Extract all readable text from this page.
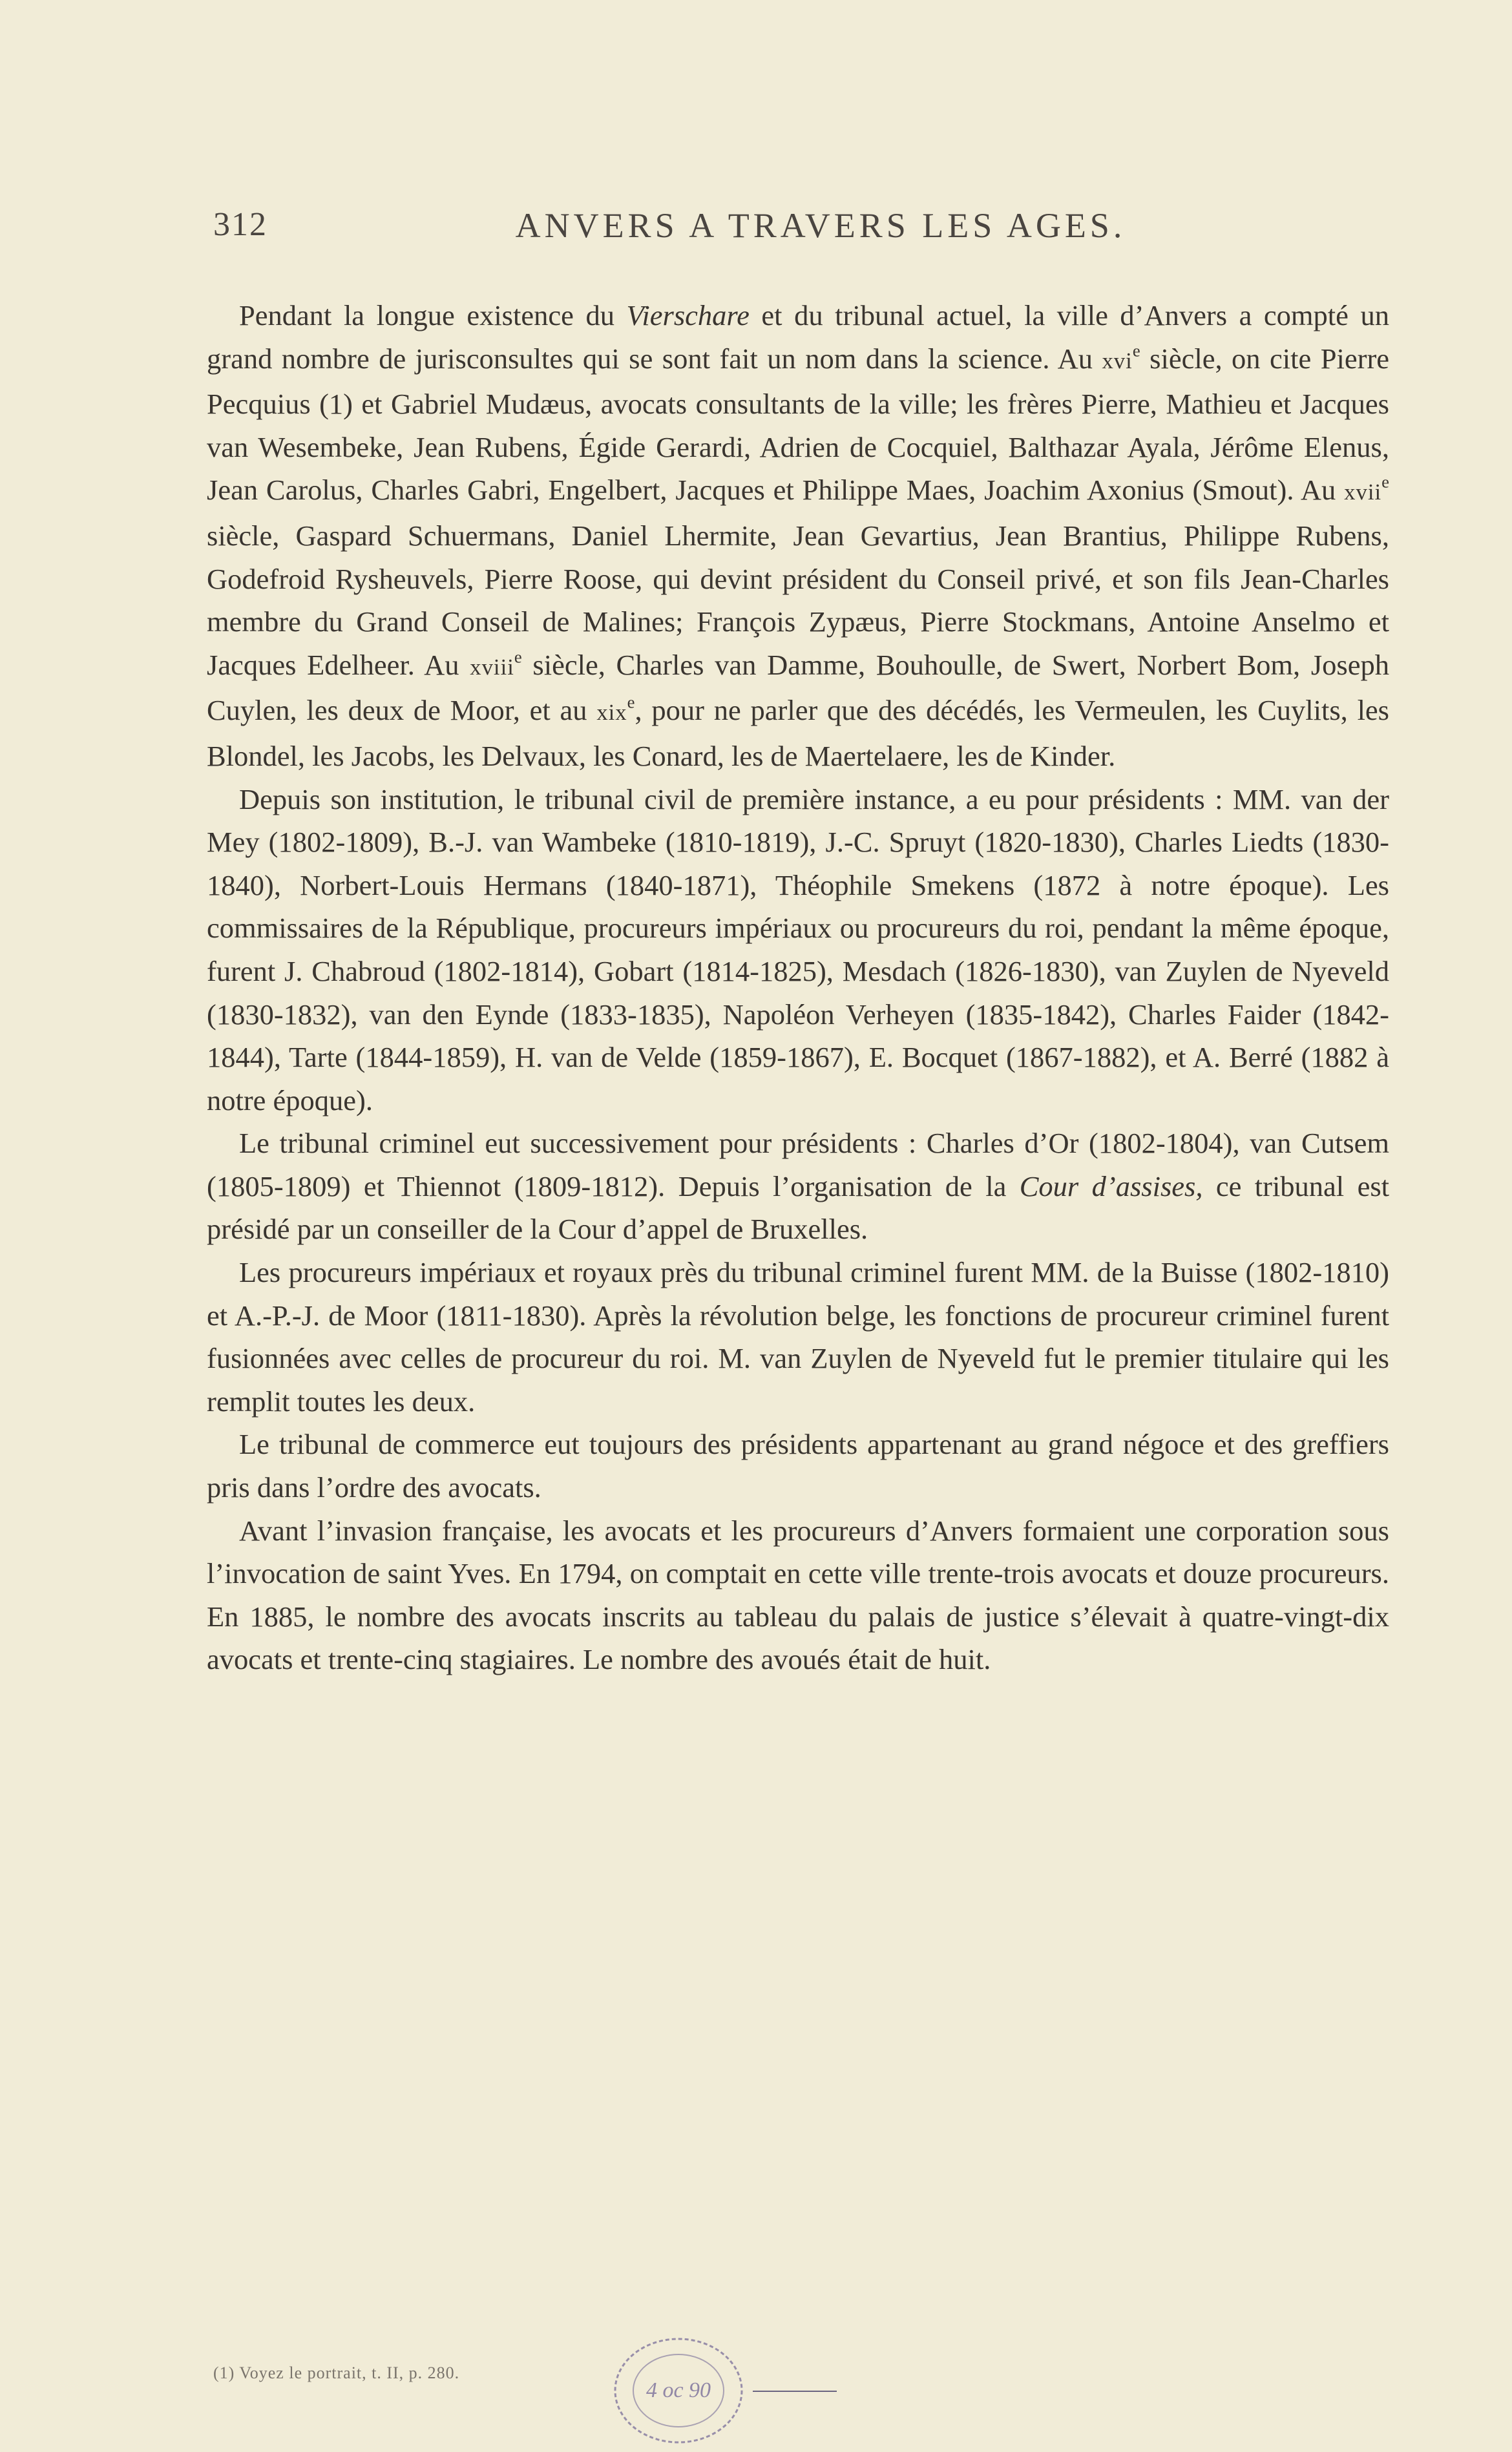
312	ANVERS A TRAVERS LES AGES.

Pendant la longue existence du Vierschare et du tribunal actuel, la ville d’Anvers a compté un grand nombre de jurisconsultes qui se sont fait un nom dans la science. Au xvi$^e$ siècle, on cite Pierre Pecquius (1) et Gabriel Mudæus, avocats consultants de la ville; les frères Pierre, Mathieu et Jacques van Wesembeke, Jean Rubens, Égide Gerardi, Adrien de Cocquiel, Balthazar Ayala, Jérôme Elenus, Jean Carolus, Charles Gabri, Engelbert, Jacques et Philippe Maes, Joachim Axonius (Smout). Au xvii$^e$ siècle, Gaspard Schuermans, Daniel Lhermite, Jean Gevartius, Jean Brantius, Philippe Rubens, Godefroid Rysheuvels, Pierre Roose, qui devint président du Conseil privé, et son fils Jean-Charles membre du Grand Conseil de Malines; François Zypæus, Pierre Stockmans, Antoine Anselmo et Jacques Edelheer. Au xviii$^e$ siècle, Charles van Damme, Bouhoulle, de Swert, Norbert Bom, Joseph Cuylen, les deux de Moor, et au xix$^e$, pour ne parler que des décédés, les Vermeulen, les Cuylits, les Blondel, les Jacobs, les Delvaux, les Conard, les de Maertelaere, les de Kinder.

Depuis son institution, le tribunal civil de première instance, a eu pour présidents : MM. van der Mey (1802-1809), B.-J. van Wambeke (1810-1819), J.-C. Spruyt (1820-1830), Charles Liedts (1830-1840), Norbert-Louis Hermans (1840-1871), Théophile Smekens (1872 à notre époque). Les commissaires de la République, procureurs impériaux ou procureurs du roi, pendant la même époque, furent J. Chabroud (1802-1814), Gobart (1814-1825), Mesdach (1826-1830), van Zuylen de Nyeveld (1830-1832), van den Eynde (1833-1835), Napoléon Verheyen (1835-1842), Charles Faider (1842-1844), Tarte (1844-1859), H. van de Velde (1859-1867), E. Bocquet (1867-1882), et A. Berré (1882 à notre époque).

Le tribunal criminel eut successivement pour présidents : Charles d’Or (1802-1804), van Cutsem (1805-1809) et Thiennot (1809-1812). Depuis l’organisation de la Cour d’assises, ce tribunal est présidé par un conseiller de la Cour d’appel de Bruxelles.

Les procureurs impériaux et royaux près du tribunal criminel furent MM. de la Buisse (1802-1810) et A.-P.-J. de Moor (1811-1830). Après la révolution belge, les fonctions de procureur criminel furent fusionnées avec celles de procureur du roi. M. van Zuylen de Nyeveld fut le premier titulaire qui les remplit toutes les deux.

Le tribunal de commerce eut toujours des présidents appartenant au grand négoce et des greffiers pris dans l’ordre des avocats.

Avant l’invasion française, les avocats et les procureurs d’Anvers formaient une corporation sous l’invocation de saint Yves. En 1794, on comptait en cette ville trente-trois avocats et douze procureurs. En 1885, le nombre des avocats inscrits au tableau du palais de justice s’élevait à quatre-vingt-dix avocats et trente-cinq stagiaires. Le nombre des avoués était de huit.

(1) Voyez le portrait, t. II, p. 280.
4 oc 90
